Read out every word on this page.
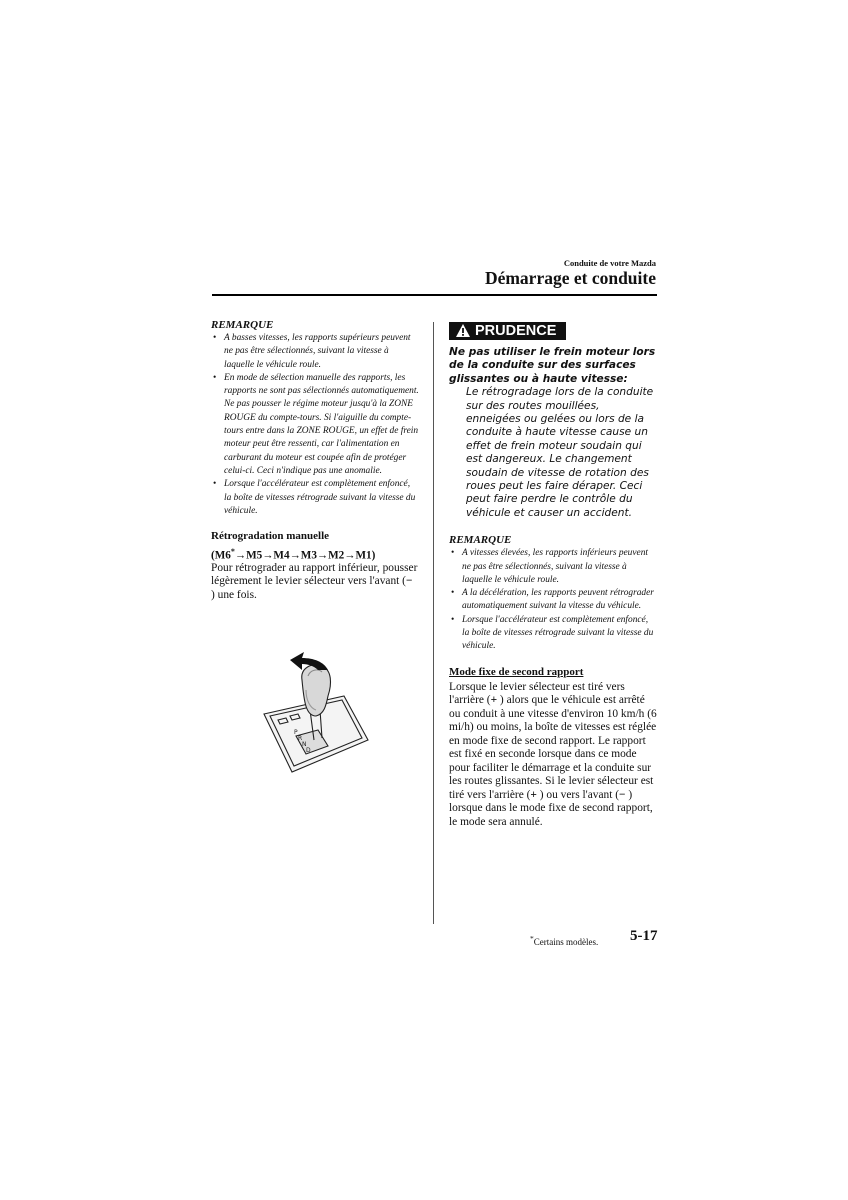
Conduite de votre Mazda
Démarrage et conduite
REMARQUE
• A basses vitesses, les rapports supérieurs peuvent ne pas être sélectionnés, suivant la vitesse à laquelle le véhicule roule.
• En mode de sélection manuelle des rapports, les rapports ne sont pas sélectionnés automatiquement. Ne pas pousser le régime moteur jusqu'à la ZONE ROUGE du compte-tours. Si l'aiguille du compte-tours entre dans la ZONE ROUGE, un effet de frein moteur peut être ressenti, car l'alimentation en carburant du moteur est coupée afin de protéger celui-ci. Ceci n'indique pas une anomalie.
• Lorsque l'accélérateur est complètement enfoncé, la boîte de vitesses rétrograde suivant la vitesse du véhicule.
Rétrogradation manuelle
(M6*→M5→M4→M3→M2→M1)
Pour rétrograder au rapport inférieur, pousser légèrement le levier sélecteur vers l'avant (− ) une fois.
P
R
N
D
PRUDENCE
Ne pas utiliser le frein moteur lors de la conduite sur des surfaces glissantes ou à haute vitesse:
Le rétrogradage lors de la conduite sur des routes mouillées, enneigées ou gelées ou lors de la conduite à haute vitesse cause un effet de frein moteur soudain qui est dangereux. Le changement soudain de vitesse de rotation des roues peut les faire déraper. Ceci peut faire perdre le contrôle du véhicule et causer un accident.
REMARQUE
• A vitesses élevées, les rapports inférieurs peuvent ne pas être sélectionnés, suivant la vitesse à laquelle le véhicule roule.
• A la décélération, les rapports peuvent rétrograder automatiquement suivant la vitesse du véhicule.
• Lorsque l'accélérateur est complètement enfoncé, la boîte de vitesses rétrograde suivant la vitesse du véhicule.
Mode fixe de second rapport
Lorsque le levier sélecteur est tiré vers l'arrière (+ ) alors que le véhicule est arrêté ou conduit à une vitesse d'environ 10 km/h (6 mi/h) ou moins, la boîte de vitesses est réglée en mode fixe de second rapport. Le rapport est fixé en seconde lorsque dans ce mode pour faciliter le démarrage et la conduite sur les routes glissantes. Si le levier sélecteur est tiré vers l'arrière (+ ) ou vers l'avant (− ) lorsque dans le mode fixe de second rapport, le mode sera annulé.
*Certains modèles. 5-17
